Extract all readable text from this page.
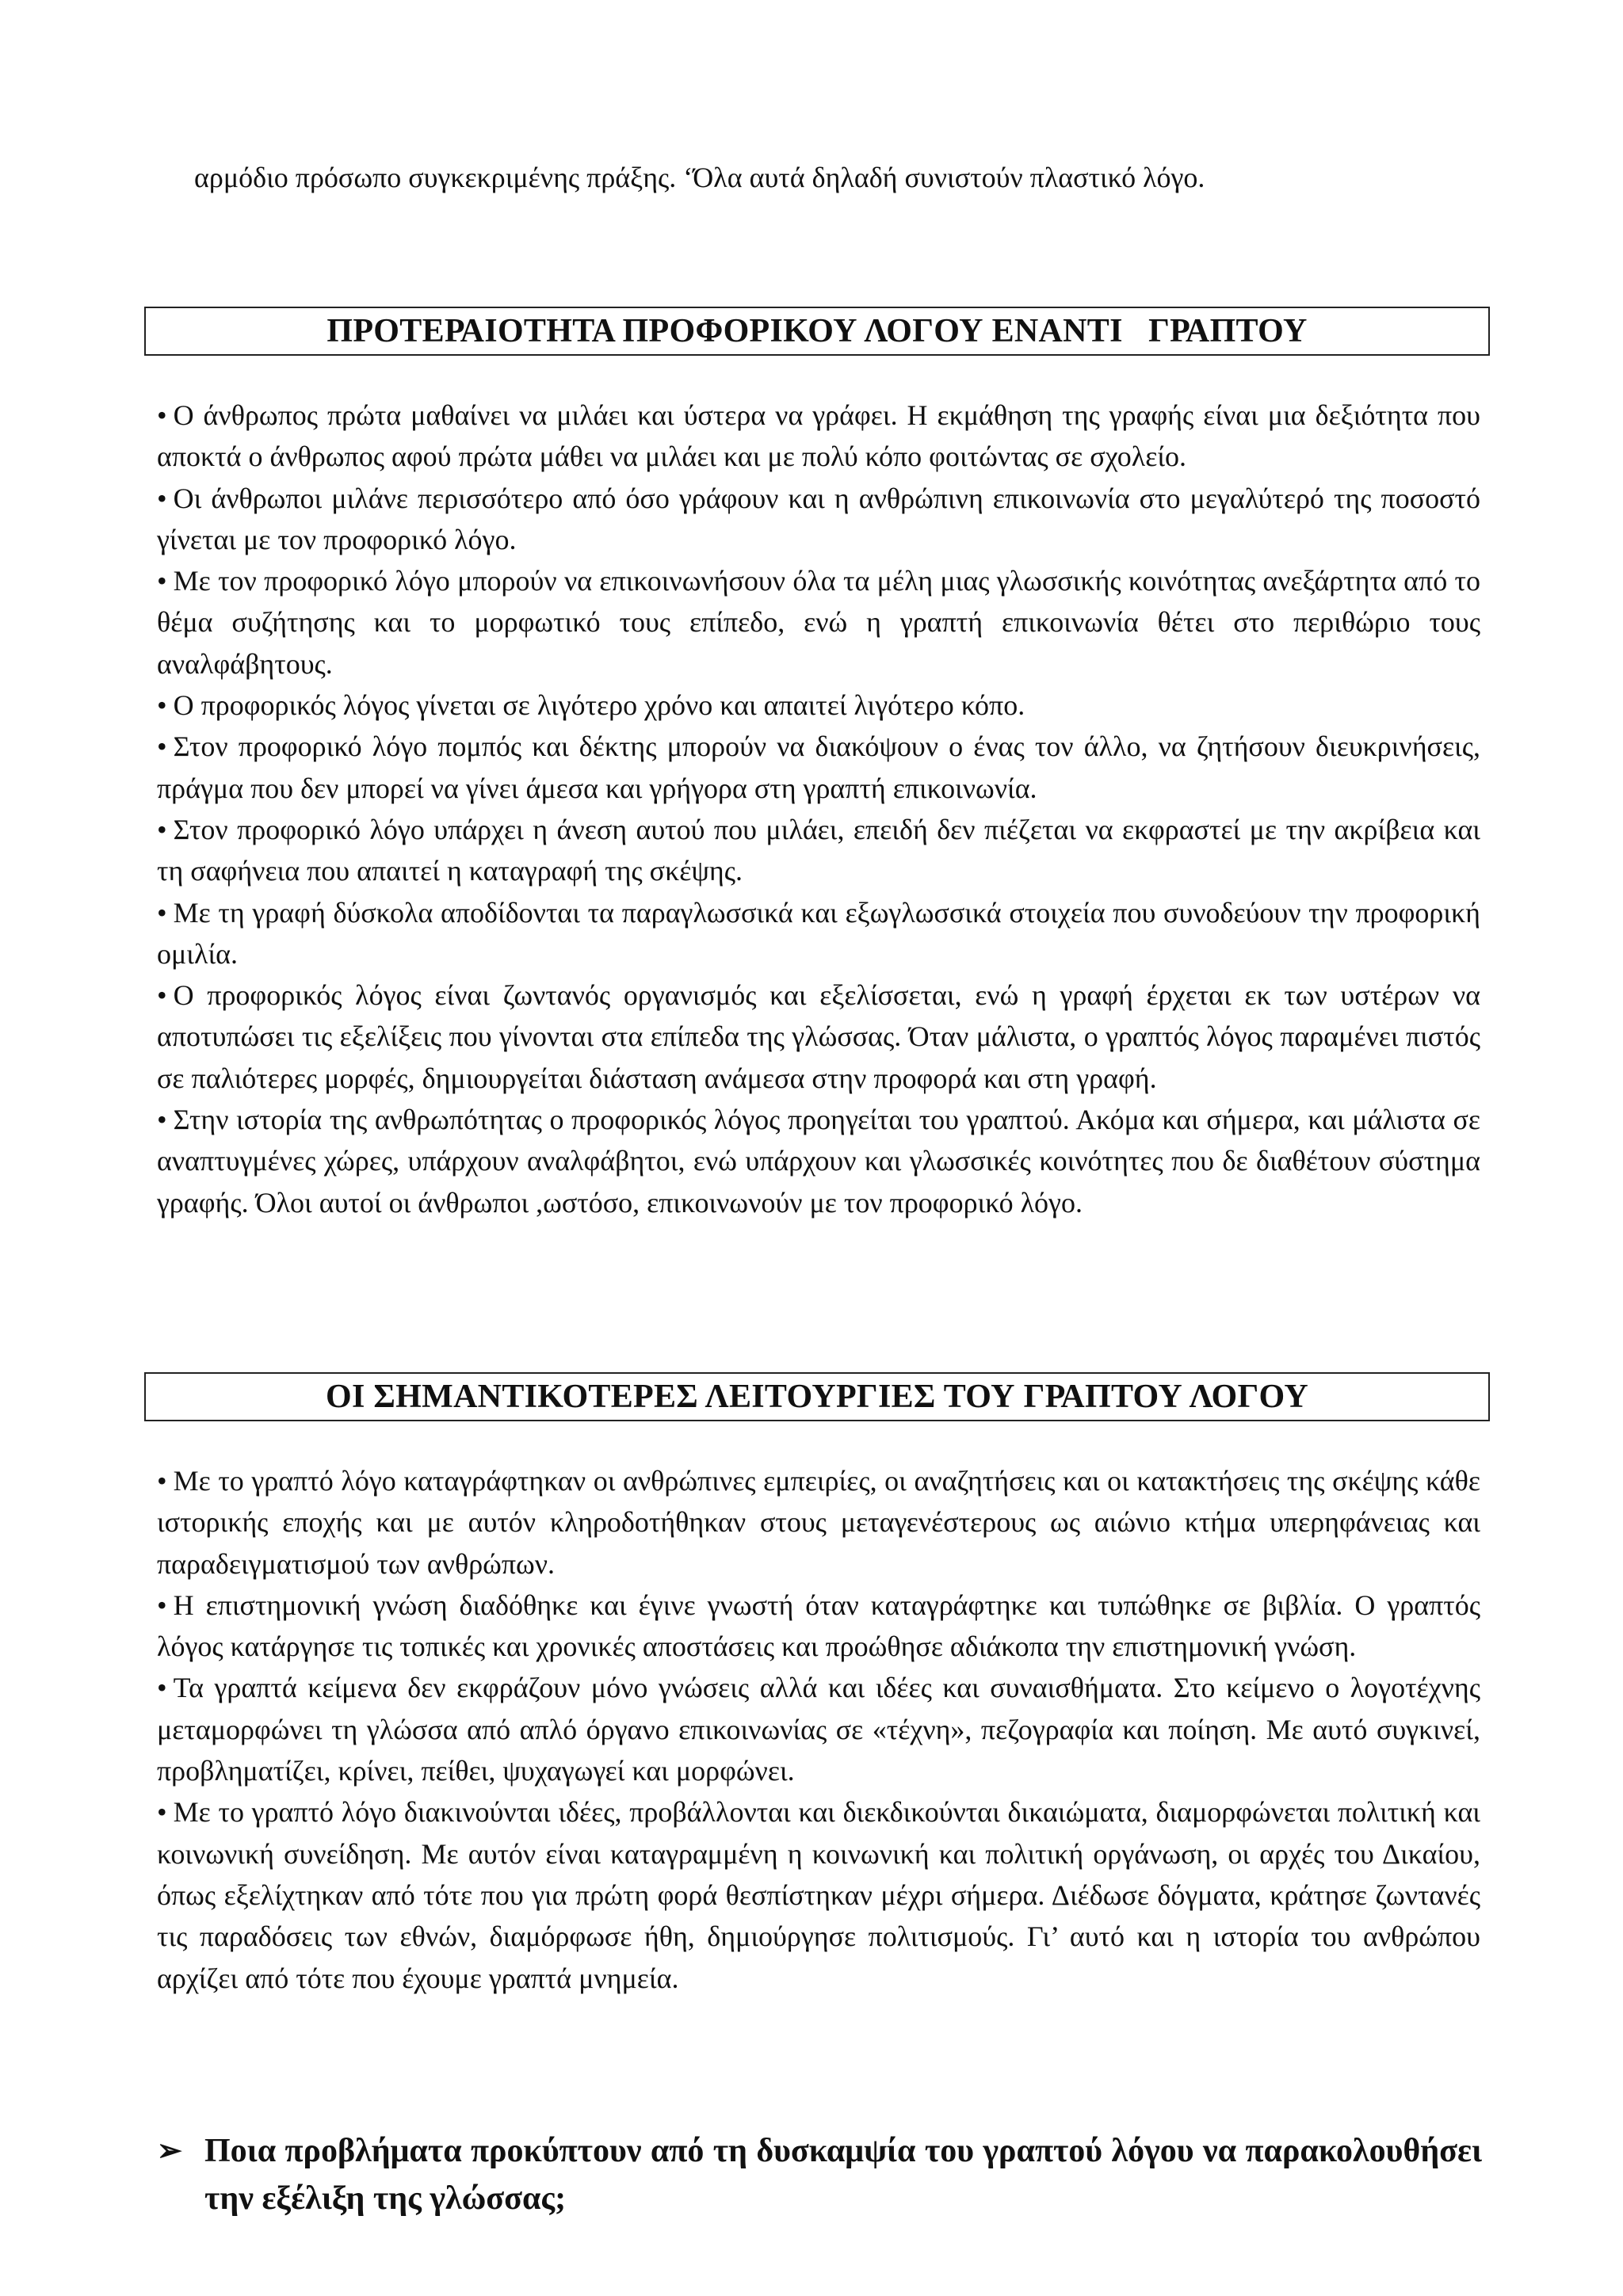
αρμόδιο πρόσωπο συγκεκριμένης πράξης. ‘Όλα αυτά δηλαδή συνιστούν πλαστικό λόγο.

ΠΡΟΤΕΡΑΙΟΤΗΤΑ ΠΡΟΦΟΡΙΚΟΥ ΛΟΓΟΥ ΕΝΑΝΤΙ   ΓΡΑΠΤΟΥ

• Ο άνθρωπος πρώτα μαθαίνει να μιλάει και ύστερα να γράφει. Η εκμάθηση της γραφής είναι μια δεξιότητα που αποκτά ο άνθρωπος αφού πρώτα μάθει να μιλάει και με πολύ κόπο φοιτώντας σε σχολείο.

• Οι άνθρωποι μιλάνε περισσότερο από όσο γράφουν και η ανθρώπινη επικοινωνία στο μεγαλύτερό της ποσοστό γίνεται με τον προφορικό λόγο.

• Με τον προφορικό λόγο μπορούν να επικοινωνήσουν όλα τα μέλη μιας γλωσσικής κοινότητας ανεξάρτητα από το θέμα συζήτησης και το μορφωτικό τους επίπεδο, ενώ η γραπτή επικοινωνία θέτει στο περιθώριο τους αναλφάβητους.

• Ο προφορικός λόγος γίνεται σε λιγότερο χρόνο και απαιτεί λιγότερο κόπο.

• Στον προφορικό λόγο πομπός και δέκτης μπορούν να διακόψουν ο ένας τον άλλο, να ζητήσουν διευκρινήσεις, πράγμα που δεν μπορεί να γίνει άμεσα και γρήγορα στη γραπτή επικοινωνία.

• Στον προφορικό λόγο υπάρχει η άνεση αυτού που μιλάει, επειδή δεν πιέζεται να εκφραστεί με την ακρίβεια και τη σαφήνεια που απαιτεί η καταγραφή της σκέψης.

• Με τη γραφή δύσκολα αποδίδονται τα παραγλωσσικά και εξωγλωσσικά στοιχεία που συνοδεύουν την προφορική ομιλία.

• Ο προφορικός λόγος είναι ζωντανός οργανισμός και εξελίσσεται, ενώ η γραφή έρχεται εκ των υστέρων να αποτυπώσει τις εξελίξεις που γίνονται στα επίπεδα της γλώσσας. Όταν μάλιστα, ο γραπτός λόγος παραμένει πιστός σε παλιότερες μορφές, δημιουργείται διάσταση ανάμεσα στην προφορά και στη γραφή.

• Στην ιστορία της ανθρωπότητας ο προφορικός λόγος προηγείται του γραπτού. Ακόμα και σήμερα, και μάλιστα σε αναπτυγμένες χώρες, υπάρχουν αναλφάβητοι, ενώ υπάρχουν και γλωσσικές κοινότητες που δε διαθέτουν σύστημα γραφής. Όλοι αυτοί οι άνθρωποι ,ωστόσο, επικοινωνούν με τον προφορικό λόγο.

ΟΙ ΣΗΜΑΝΤΙΚΟΤΕΡΕΣ ΛΕΙΤΟΥΡΓΙΕΣ ΤΟΥ ΓΡΑΠΤΟΥ ΛΟΓΟΥ

• Με το γραπτό λόγο καταγράφτηκαν οι ανθρώπινες εμπειρίες, οι αναζητήσεις και οι κατακτήσεις της σκέψης κάθε ιστορικής εποχής και με αυτόν κληροδοτήθηκαν στους μεταγενέστερους ως αιώνιο κτήμα υπερηφάνειας και παραδειγματισμού των ανθρώπων.

• Η επιστημονική γνώση διαδόθηκε και έγινε γνωστή όταν καταγράφτηκε και τυπώθηκε σε βιβλία. Ο γραπτός λόγος κατάργησε τις τοπικές και χρονικές αποστάσεις και προώθησε αδιάκοπα την επιστημονική γνώση.

• Τα γραπτά κείμενα δεν εκφράζουν μόνο γνώσεις αλλά και ιδέες και συναισθήματα. Στο κείμενο ο λογοτέχνης μεταμορφώνει τη γλώσσα από απλό όργανο επικοινωνίας σε «τέχνη», πεζογραφία και ποίηση. Με αυτό συγκινεί, προβληματίζει, κρίνει, πείθει, ψυχαγωγεί και μορφώνει.

• Με το γραπτό λόγο διακινούνται ιδέες, προβάλλονται και διεκδικούνται δικαιώματα, διαμορφώνεται πολιτική και κοινωνική συνείδηση. Με αυτόν είναι καταγραμμένη η κοινωνική και πολιτική οργάνωση, οι αρχές του Δικαίου, όπως εξελίχτηκαν από τότε που για πρώτη φορά θεσπίστηκαν μέχρι σήμερα. Διέδωσε δόγματα, κράτησε ζωντανές τις παραδόσεις των εθνών, διαμόρφωσε ήθη, δημιούργησε πολιτισμούς. Γι’ αυτό και η ιστορία του ανθρώπου αρχίζει από τότε που έχουμε γραπτά μνημεία.

➢ Ποια προβλήματα προκύπτουν από τη δυσκαμψία του γραπτού λόγου να παρακολουθήσει την εξέλιξη της γλώσσας;
